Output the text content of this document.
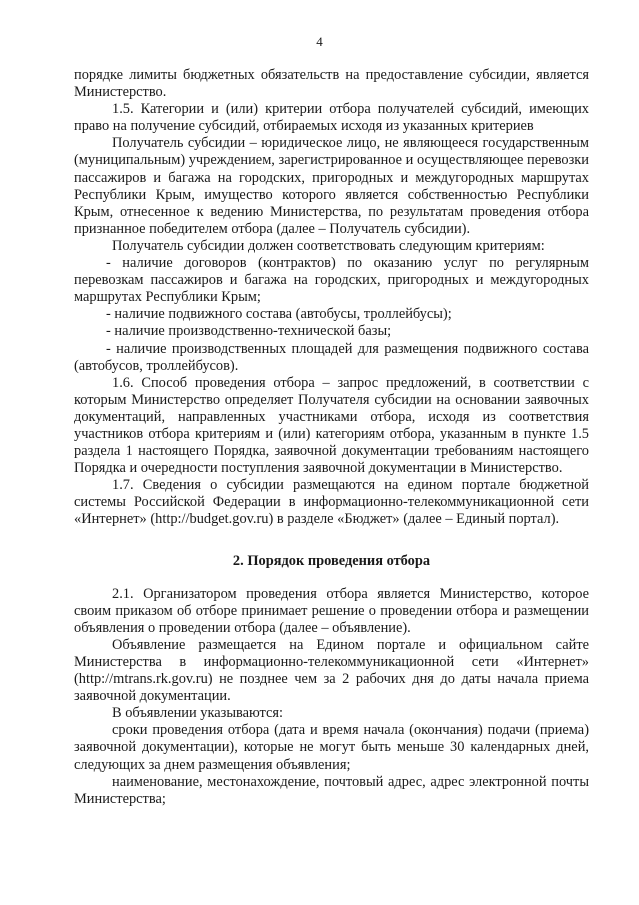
4

порядке лимиты бюджетных обязательств на предоставление субсидии, является Министерство.

1.5. Категории и (или) критерии отбора получателей субсидий, имеющих право на получение субсидий, отбираемых исходя из указанных критериев

Получатель субсидии – юридическое лицо, не являющееся государственным (муниципальным) учреждением, зарегистрированное и осуществляющее перевозки пассажиров и багажа на городских, пригородных и междугородных маршрутах Республики Крым, имущество которого является собственностью Республики Крым, отнесенное к ведению Министерства, по результатам проведения отбора признанное победителем отбора (далее – Получатель субсидии).

Получатель субсидии должен соответствовать следующим критериям:

- наличие договоров (контрактов) по оказанию услуг по регулярным перевозкам пассажиров и багажа на городских, пригородных и междугородных маршрутах Республики Крым;

- наличие подвижного состава (автобусы, троллейбусы);

- наличие производственно-технической базы;

- наличие производственных площадей для размещения подвижного состава (автобусов, троллейбусов).

1.6. Способ проведения отбора – запрос предложений, в соответствии с которым Министерство определяет Получателя субсидии на основании заявочных документаций, направленных участниками отбора, исходя из соответствия участников отбора критериям и (или) категориям отбора, указанным в пункте 1.5 раздела 1 настоящего Порядка, заявочной документации требованиям настоящего Порядка и очередности поступления заявочной документации в Министерство.

1.7. Сведения о субсидии размещаются на едином портале бюджетной системы Российской Федерации в информационно-телекоммуникационной сети «Интернет» (http://budget.gov.ru) в разделе «Бюджет» (далее – Единый портал).

2. Порядок проведения отбора

2.1. Организатором проведения отбора является Министерство, которое своим приказом об отборе принимает решение о проведении отбора и размещении объявления о проведении отбора (далее – объявление).

Объявление размещается на Едином портале и официальном сайте Министерства в информационно-телекоммуникационной сети «Интернет» (http://mtrans.rk.gov.ru) не позднее чем за 2 рабочих дня до даты начала приема заявочной документации.

В объявлении указываются:

сроки проведения отбора (дата и время начала (окончания) подачи (приема) заявочной документации), которые не могут быть меньше 30 календарных дней, следующих за днем размещения объявления;

наименование, местонахождение, почтовый адрес, адрес электронной почты Министерства;
